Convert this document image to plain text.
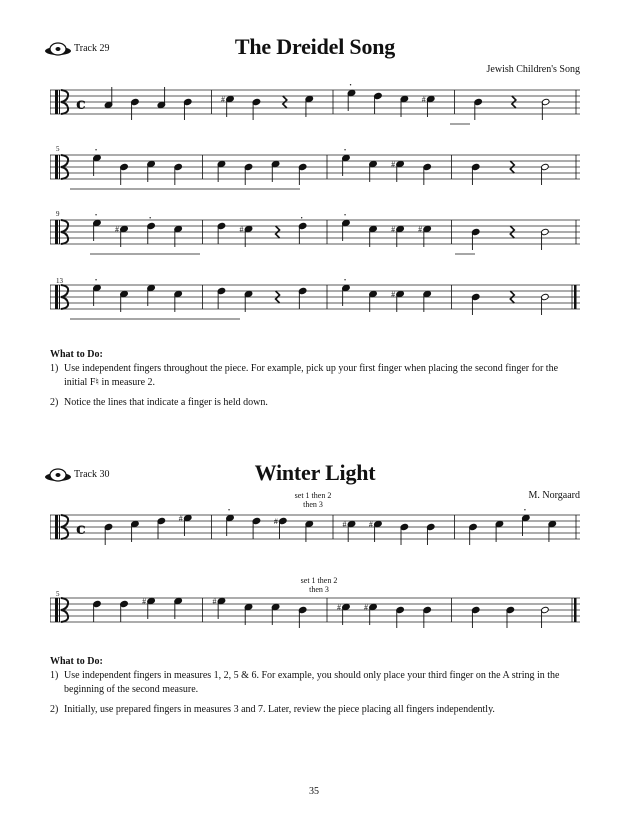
Track 29	The Dreidel Song
Jewish Children's Song
c	#
•
#
5	•	•
#
9	•
#
•
#
•	•
#	#
13	•	•
#
What to Do:
1) Use independent fingers throughout the piece. For example, pick up your first finger when placing the second finger for the initial F♮ in measure 2.
2) Notice the lines that indicate a finger is held down.
Track 30	Winter Light
M. Norgaard
set 1 then 2
then 3
c
#
•
#	#	#
•
set 1 then 2
then 3
5
#	#
#	#
What to Do:
1) Use independent fingers in measures 1, 2, 5 & 6. For example, you should only place your third finger on the A string in the beginning of the second measure.
2) Initially, use prepared fingers in measures 3 and 7. Later, review the piece placing all fingers independently.
35
